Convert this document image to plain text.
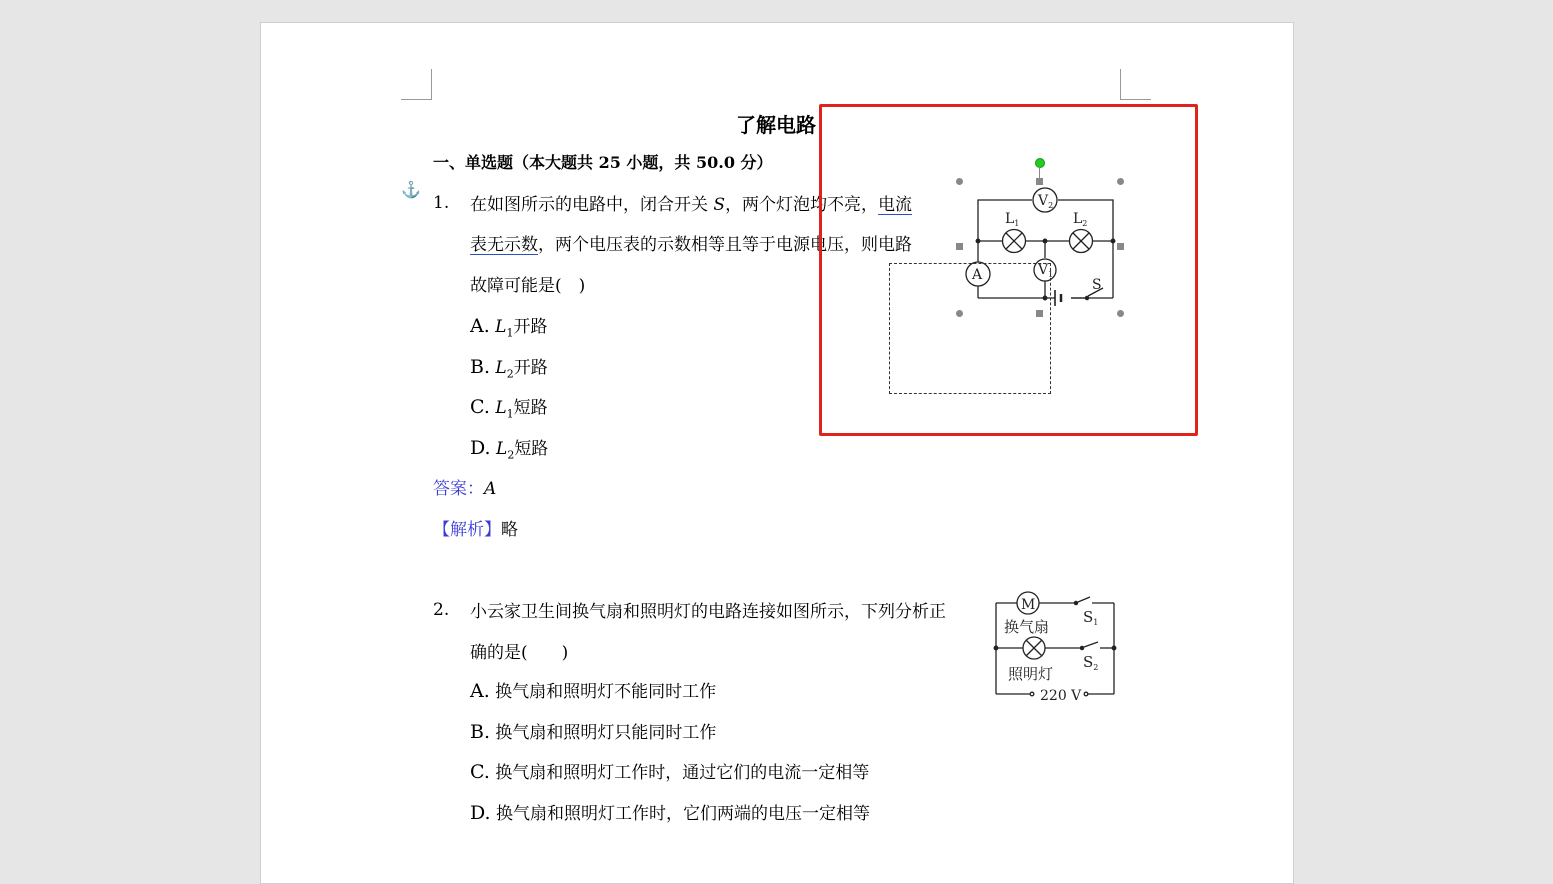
了解电路
一、单选题（本大题共 25 小题，共 50.0 分）
⚓
1. 在如图所示的电路中，闭合开关 S，两个灯泡均不亮，电流
表无示数，两个电压表的示数相等且等于电源电压，则电路
故障可能是(　)
A. $L_1$开路
B. $L_2$开路
C. $L_1$短路
D. $L_2$短路
答案：A
【解析】略
$V_2$
$L_1$	$L_2$
A	$V_1$
S
2. 小云家卫生间换气扇和照明灯的电路连接如图所示，下列分析正
确的是(　　)
A. 换气扇和照明灯不能同时工作
B. 换气扇和照明灯只能同时工作
C. 换气扇和照明灯工作时，通过它们的电流一定相等
D. 换气扇和照明灯工作时，它们两端的电压一定相等
M
换气扇
照明灯
220 V
$S_1$
$S_2$
